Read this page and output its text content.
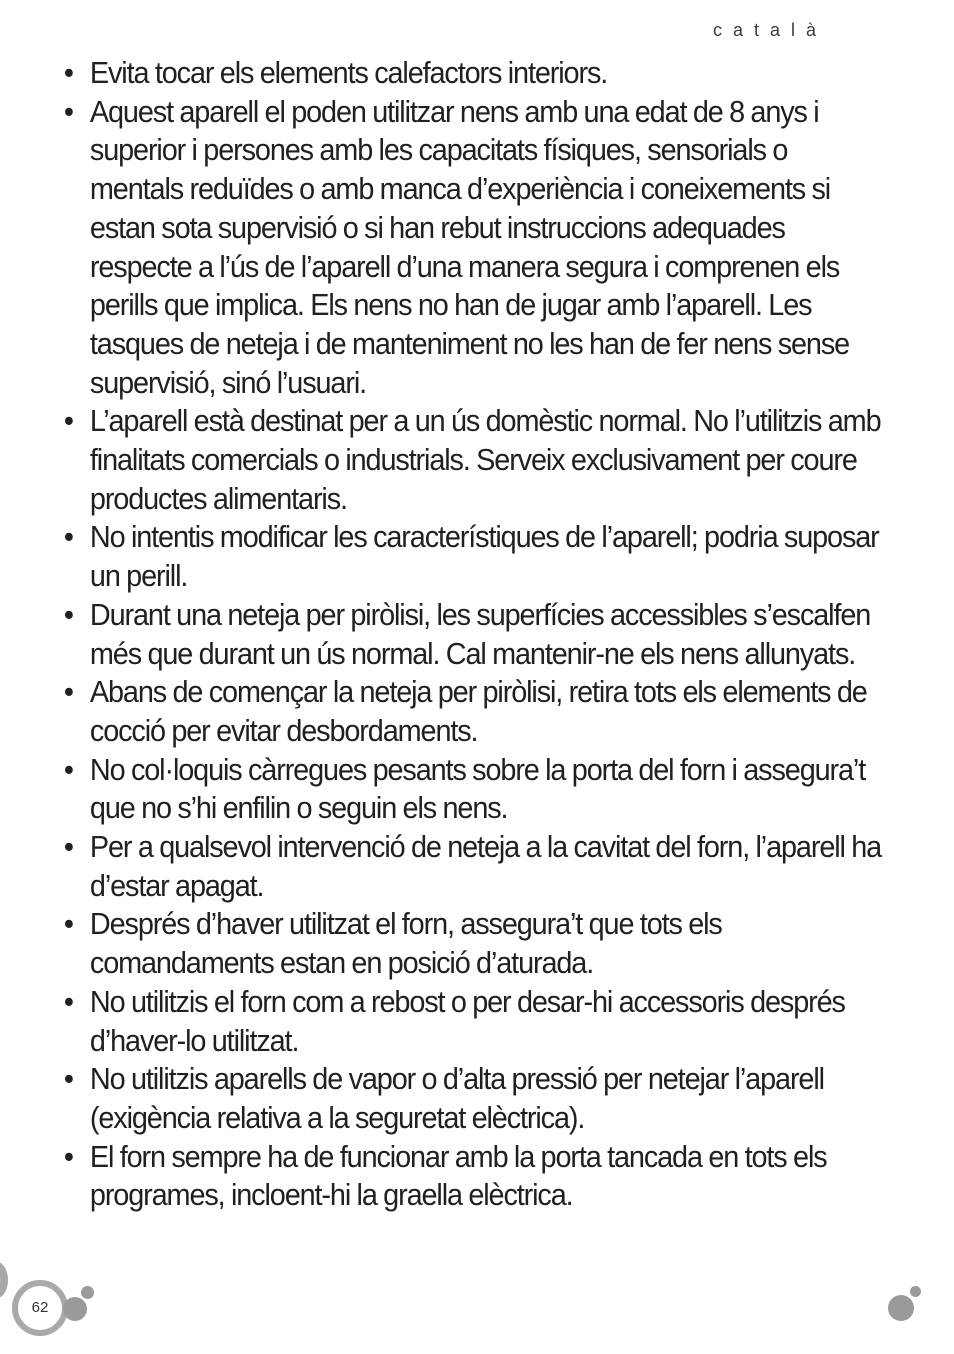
català
• Evita tocar els elements calefactors interiors.
• Aquest aparell el poden utilitzar nens amb una edat de 8 anys i superior i persones amb les capacitats físiques, sensorials o mentals reduïdes o amb manca d’experiència i coneixements si estan sota supervisió o si han rebut instruccions adequades respecte a l’ús de l’aparell d’una manera segura i comprenen els perills que implica. Els nens no han de jugar amb l’aparell. Les tasques de neteja i de manteniment no les han de fer nens sense supervisió, sinó l’usuari.
• L’aparell està destinat per a un ús domèstic normal. No l’utilitzis amb finalitats comercials o industrials. Serveix exclusivament per coure productes alimentaris.
• No intentis modificar les característiques de l’aparell; podria suposar un perill.
• Durant una neteja per piròlisi, les superfícies accessibles s’escalfen més que durant un ús normal. Cal mantenir-ne els nens allunyats.
• Abans de començar la neteja per piròlisi, retira tots els elements de cocció per evitar desbordaments.
• No col·loquis càrregues pesants sobre la porta del forn i assegura’t que no s’hi enfilin o seguin els nens.
• Per a qualsevol intervenció de neteja a la cavitat del forn, l’aparell ha d’estar apagat.
• Després d’haver utilitzat el forn, assegura’t que tots els comandaments estan en posició d’aturada.
• No utilitzis el forn com a rebost o per desar-hi accessoris després d’haver-lo utilitzat.
• No utilitzis aparells de vapor o d’alta pressió per netejar l’aparell (exigència relativa a la seguretat elèctrica).
• El forn sempre ha de funcionar amb la porta tancada en tots els programes, incloent-hi la graella elèctrica.
62
